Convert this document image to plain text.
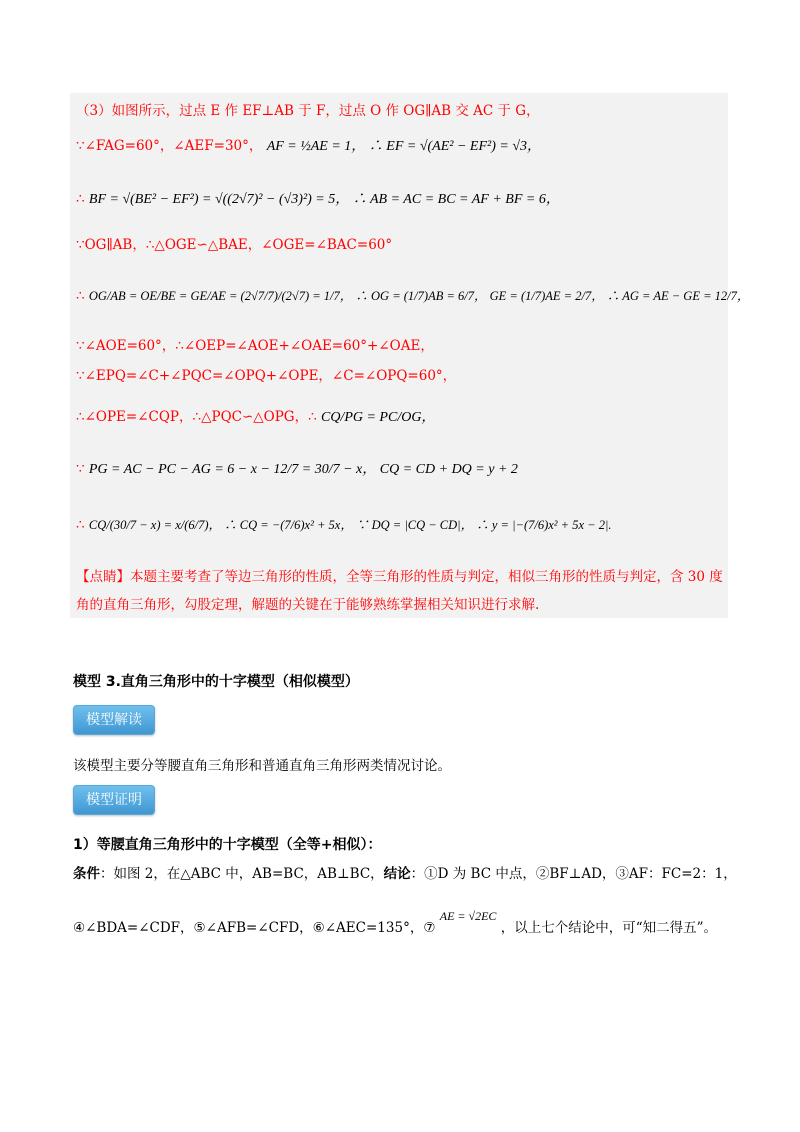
（3）如图所示，过点 E 作 EF⊥AB 于 F，过点 O 作 OG∥AB 交 AC 于 G，
∵∠FAG=60°，∠AEF=30°， AF = ½AE = 1， ∴ EF = √(AE² − EF²) = √3，
∴ BF = √(BE² − EF²) = √((2√7)² − (√3)²) = 5， ∴ AB = AC = BC = AF + BF = 6，
∵OG∥AB，∴△OGE∽△BAE，∠OGE=∠BAC=60°
∴ OG/AB = OE/BE = GE/AE = (2√7/7)/(2√7) = 1/7， ∴ OG = (1/7)AB = 6/7， GE = (1/7)AE = 2/7， ∴ AG = AE − GE = 12/7，
∵∠AOE=60°，∴∠OEP=∠AOE+∠OAE=60°+∠OAE，
∵∠EPQ=∠C+∠PQC=∠OPQ+∠OPE，∠C=∠OPQ=60°，
∴∠OPE=∠CQP，∴△PQC∽△OPG，∴ CQ/PG = PC/OG，
∵ PG = AC − PC − AG = 6 − x − 12/7 = 30/7 − x， CQ = CD + DQ = y + 2
∴ CQ/(30/7 − x) = x/(6/7)， ∴ CQ = −(7/6)x² + 5x， ∵ DQ = |CQ − CD|， ∴ y = |−(7/6)x² + 5x − 2|.
【点睛】本题主要考查了等边三角形的性质，全等三角形的性质与判定，相似三角形的性质与判定，含 30 度角的直角三角形，勾股定理，解题的关键在于能够熟练掌握相关知识进行求解.
模型 3.直角三角形中的十字模型（相似模型）
模型解读
该模型主要分等腰直角三角形和普通直角三角形两类情况讨论。
模型证明
1）等腰直角三角形中的十字模型（全等+相似）：
条件：如图 2，在△ABC 中，AB=BC，AB⊥BC，结论：①D 为 BC 中点，②BF⊥AD，③AF：FC=2：1，
④∠BDA=∠CDF，⑤∠AFB=∠CFD，⑥∠AEC=135°，⑦ AE = √2EC ，以上七个结论中，可“知二得五”。
